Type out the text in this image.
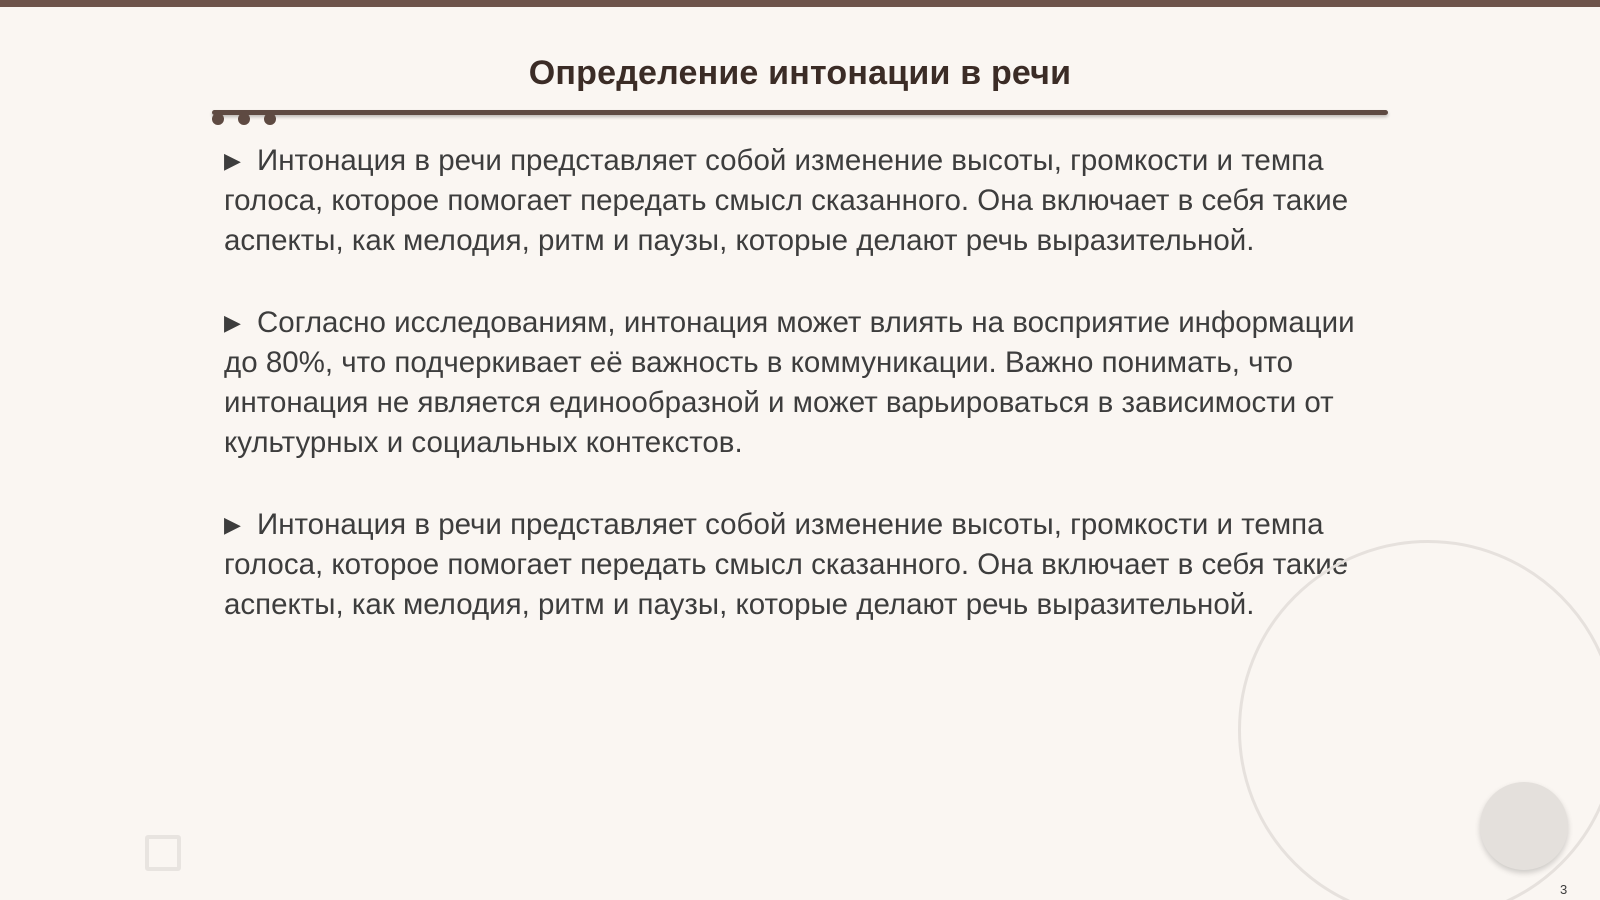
Определение интонации в речи

▶ Интонация в речи представляет собой изменение высоты, громкости и темпа голоса, которое помогает передать смысл сказанного. Она включает в себя такие аспекты, как мелодия, ритм и паузы, которые делают речь выразительной.

▶ Согласно исследованиям, интонация может влиять на восприятие информации до 80%, что подчеркивает её важность в коммуникации. Важно понимать, что интонация не является единообразной и может варьироваться в зависимости от культурных и социальных контекстов.

▶ Интонация в речи представляет собой изменение высоты, громкости и темпа голоса, которое помогает передать смысл сказанного. Она включает в себя такие аспекты, как мелодия, ритм и паузы, которые делают речь выразительной.

3
